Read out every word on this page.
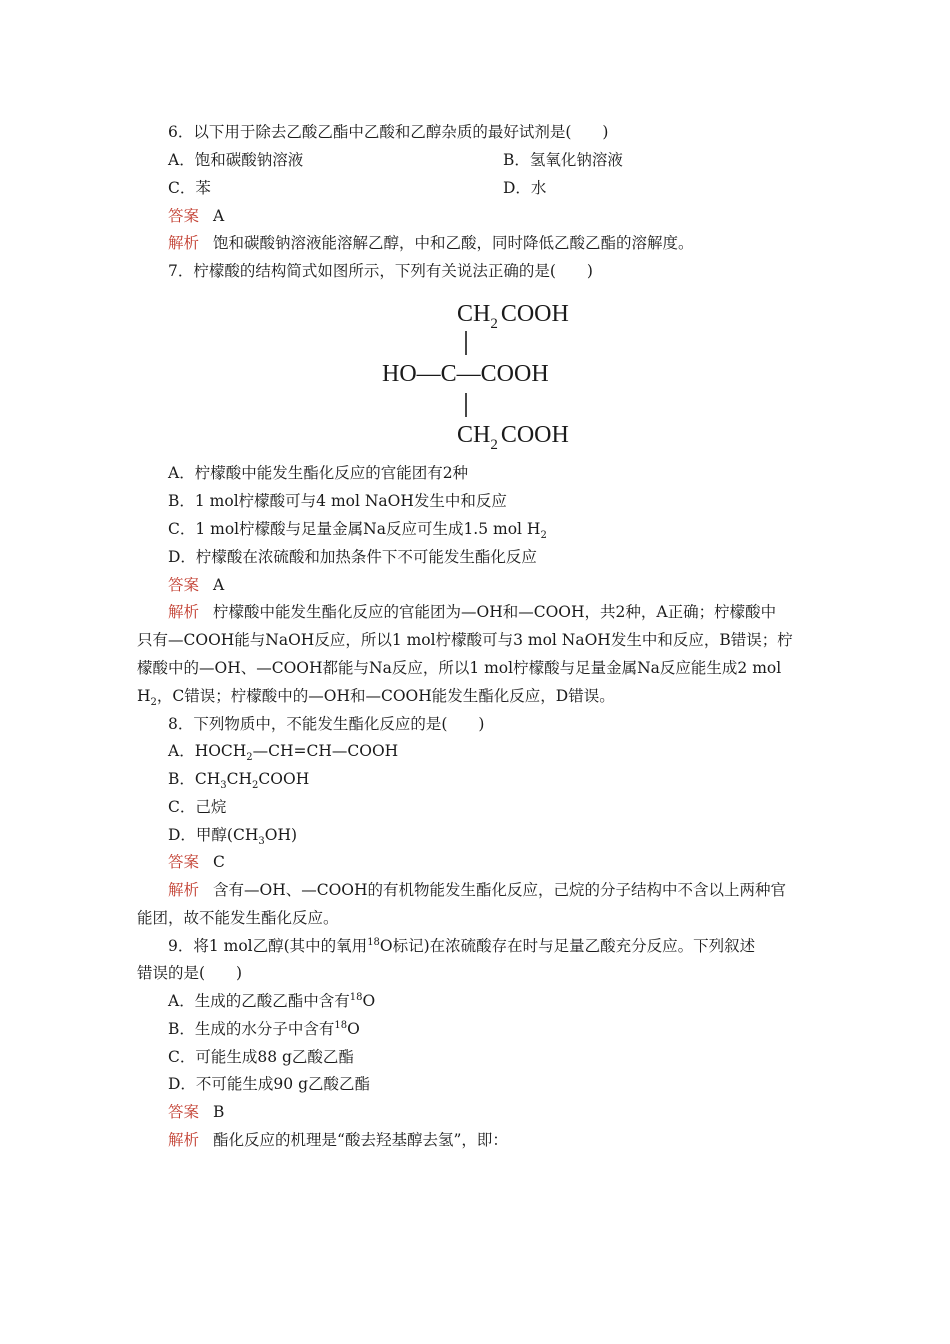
6．以下用于除去乙酸乙酯中乙酸和乙醇杂质的最好试剂是(　　)
A．饱和碳酸钠溶液	B．氢氧化钠溶液
C．苯	D．水
答案 A
解析 饱和碳酸钠溶液能溶解乙醇，中和乙酸，同时降低乙酸乙酯的溶解度。
7．柠檬酸的结构简式如图所示，下列有关说法正确的是(　　)
$CH_2$ COOH
HO—C—COOH
$CH_2$ COOH
A．柠檬酸中能发生酯化反应的官能团有2种
B．1 mol柠檬酸可与4 mol NaOH发生中和反应
C．1 mol柠檬酸与足量金属Na反应可生成1.5 mol $H_2$
D．柠檬酸在浓硫酸和加热条件下不可能发生酯化反应
答案 A
解析 柠檬酸中能发生酯化反应的官能团为—OH和—COOH，共2种，A正确；柠檬酸中
只有—COOH能与NaOH反应，所以1 mol柠檬酸可与3 mol NaOH发生中和反应，B错误；柠
檬酸中的—OH、—COOH都能与Na反应，所以1 mol柠檬酸与足量金属Na反应能生成2 mol
$H_2$，C错误；柠檬酸中的—OH和—COOH能发生酯化反应，D错误。
8．下列物质中，不能发生酯化反应的是(　　)
A．$HOCH_2—CH=CH—COOH$
B．$CH_3CH_2COOH$
C．己烷
D．甲醇$(CH_3OH)$
答案 C
解析 含有—OH、—COOH的有机物能发生酯化反应，己烷的分子结构中不含以上两种官
能团，故不能发生酯化反应。
9．将1 mol乙醇(其中的氧用$^{18}$O标记)在浓硫酸存在时与足量乙酸充分反应。下列叙述
错误的是(　　)
A．生成的乙酸乙酯中含有$^{18}$O
B．生成的水分子中含有$^{18}$O
C．可能生成88 g乙酸乙酯
D．不可能生成90 g乙酸乙酯
答案 B
解析 酯化反应的机理是“酸去羟基醇去氢”，即：
